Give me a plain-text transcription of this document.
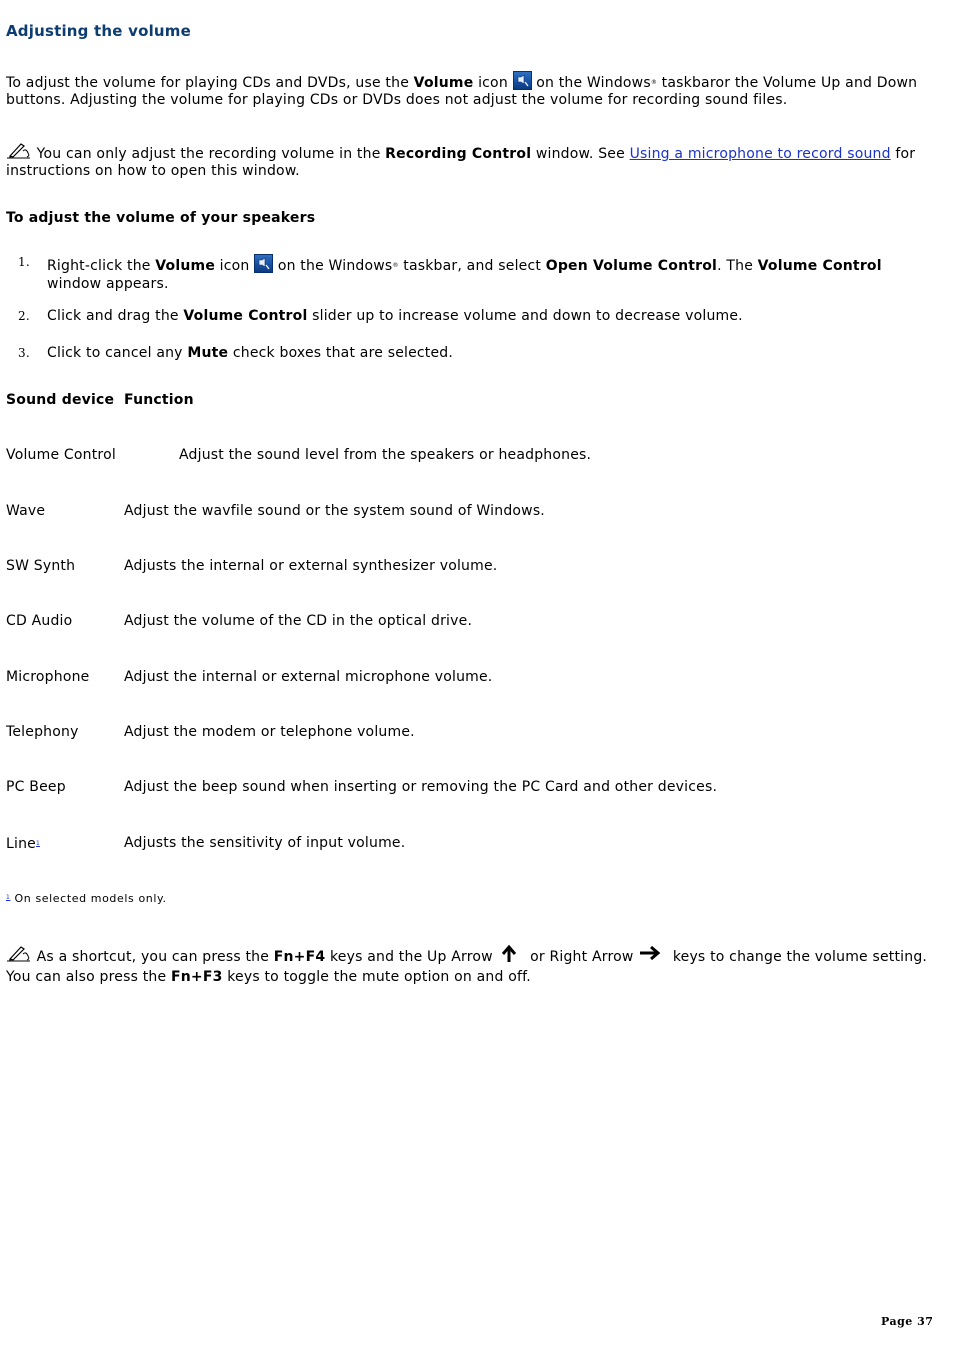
Adjusting the volume
To adjust the volume for playing CDs and DVDs, use the Volume icon
on the Windows® taskbaror the Volume Up and Down buttons. Adjusting the volume for playing CDs or DVDs does not adjust the volume for recording sound files.
You can only adjust the recording volume in the Recording Control window. See Using a microphone to record sound for instructions on how to open this window.
To adjust the volume of your speakers
1. Right-click the Volume icon
on the Windows® taskbar, and select Open Volume Control. The Volume Control
window appears.
2. Click and drag the Volume Control slider up to increase volume and down to decrease volume.
3. Click to cancel any Mute check boxes that are selected.
Sound device Function
Volume Control	Adjust the sound level from the speakers or headphones.
Wave	Adjust the wavfile sound or the system sound of Windows.
SW Synth	Adjusts the internal or external synthesizer volume.
CD Audio	Adjust the volume of the CD in the optical drive.
Microphone Adjust the internal or external microphone volume.
Telephony	Adjust the modem or telephone volume.
PC Beep	Adjust the beep sound when inserting or removing the PC Card and other devices.
Line$^1$	Adjusts the sensitivity of input volume.
$^1$ On selected models only.
As a shortcut, you can press the Fn+F4 keys and the Up Arrow  or Right Arrow  keys to change the volume setting. You can also press the Fn+F3 keys to toggle the mute option on and off.
Page 37
